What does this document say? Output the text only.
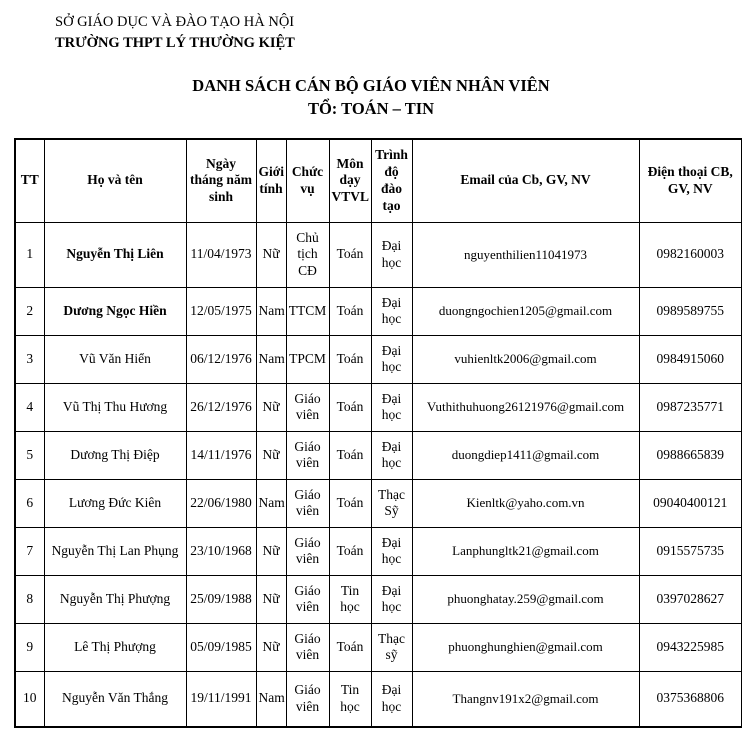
SỞ GIÁO DỤC VÀ ĐÀO TẠO HÀ NỘI
TRƯỜNG THPT LÝ THƯỜNG KIỆT
DANH SÁCH CÁN BỘ GIÁO VIÊN NHÂN VIÊN
TỔ: TOÁN – TIN
TT	Họ và tên	Ngày tháng năm sinh	Giới tính	Chức vụ	Môn dạy VTVL	Trình độ đào tạo	Email của Cb, GV, NV	Điện thoại CB, GV, NV
1	Nguyễn Thị Liên	11/04/1973	Nữ	Chủ tịch CĐ	Toán	Đại học	nguyenthilien11041973	0982160003
2	Dương Ngọc Hiền	12/05/1975	Nam	TTCM	Toán	Đại học	duongngochien1205@gmail.com	0989589755
3	Vũ Văn Hiển	06/12/1976	Nam	TPCM	Toán	Đại học	vuhienltk2006@gmail.com	0984915060
4	Vũ Thị Thu Hương	26/12/1976	Nữ	Giáo viên	Toán	Đại học	Vuthithuhuong26121976@gmail.com	0987235771
5	Dương Thị Điệp	14/11/1976	Nữ	Giáo viên	Toán	Đại học	duongdiep1411@gmail.com	0988665839
6	Lương Đức Kiên	22/06/1980	Nam	Giáo viên	Toán	Thạc Sỹ	Kienltk@yaho.com.vn	09040400121
7	Nguyễn Thị Lan Phụng	23/10/1968	Nữ	Giáo viên	Toán	Đại học	Lanphungltk21@gmail.com	0915575735
8	Nguyễn Thị Phượng	25/09/1988	Nữ	Giáo viên	Tin học	Đại học	phuonghatay.259@gmail.com	0397028627
9	Lê Thị Phượng	05/09/1985	Nữ	Giáo viên	Toán	Thạc sỹ	phuonghunghien@gmail.com	0943225985
10	Nguyễn Văn Thắng	19/11/1991	Nam	Giáo viên	Tin học	Đại học	Thangnv191x2@gmail.com	0375368806
